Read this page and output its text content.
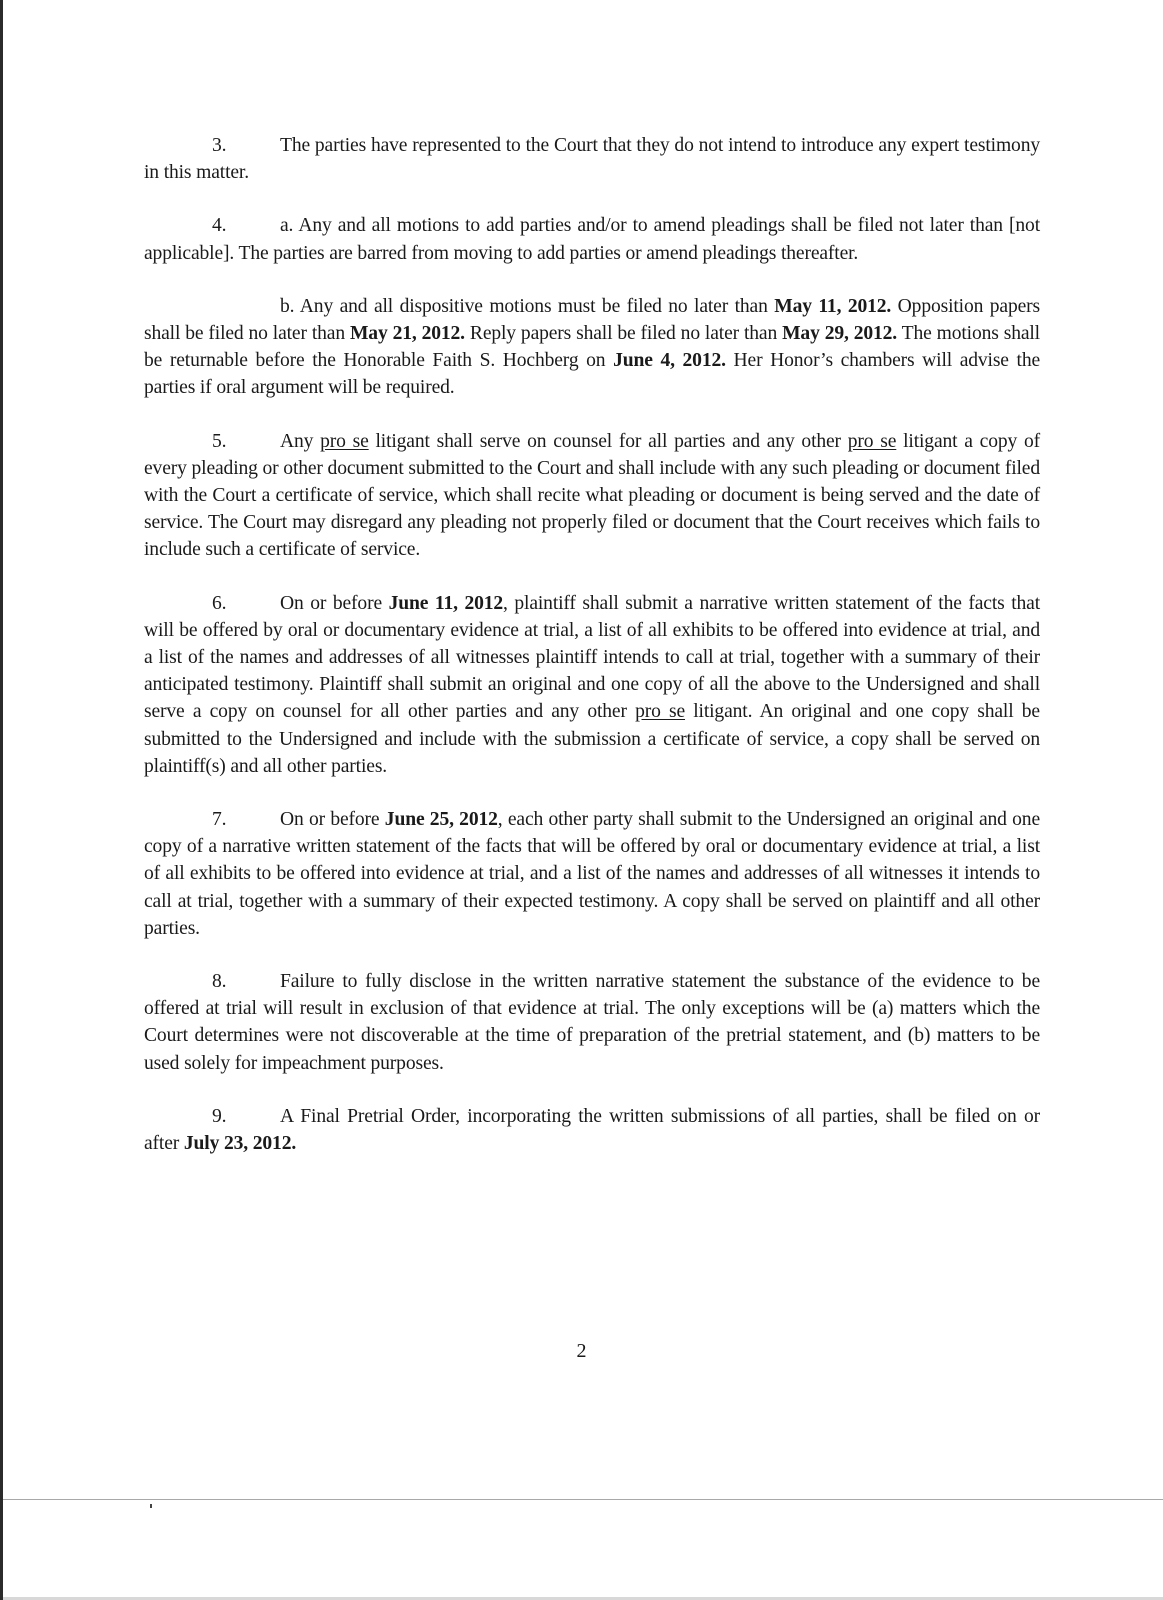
3.	The parties have represented to the Court that they do not intend to introduce any expert testimony in this matter.

4.	a. Any and all motions to add parties and/or to amend pleadings shall be filed not later than [not applicable]. The parties are barred from moving to add parties or amend pleadings thereafter.

b. Any and all dispositive motions must be filed no later than May 11, 2012. Opposition papers shall be filed no later than May 21, 2012. Reply papers shall be filed no later than May 29, 2012. The motions shall be returnable before the Honorable Faith S. Hochberg on June 4, 2012. Her Honor’s chambers will advise the parties if oral argument will be required.

5.	Any pro se litigant shall serve on counsel for all parties and any other pro se litigant a copy of every pleading or other document submitted to the Court and shall include with any such pleading or document filed with the Court a certificate of service, which shall recite what pleading or document is being served and the date of service. The Court may disregard any pleading not properly filed or document that the Court receives which fails to include such a certificate of service.

6.	On or before June 11, 2012, plaintiff shall submit a narrative written statement of the facts that will be offered by oral or documentary evidence at trial, a list of all exhibits to be offered into evidence at trial, and a list of the names and addresses of all witnesses plaintiff intends to call at trial, together with a summary of their anticipated testimony. Plaintiff shall submit an original and one copy of all the above to the Undersigned and shall serve a copy on counsel for all other parties and any other pro se litigant. An original and one copy shall be submitted to the Undersigned and include with the submission a certificate of service, a copy shall be served on plaintiff(s) and all other parties.

7.	On or before June 25, 2012, each other party shall submit to the Undersigned an original and one copy of a narrative written statement of the facts that will be offered by oral or documentary evidence at trial, a list of all exhibits to be offered into evidence at trial, and a list of the names and addresses of all witnesses it intends to call at trial, together with a summary of their expected testimony. A copy shall be served on plaintiff and all other parties.

8.	Failure to fully disclose in the written narrative statement the substance of the evidence to be offered at trial will result in exclusion of that evidence at trial. The only exceptions will be (a) matters which the Court determines were not discoverable at the time of preparation of the pretrial statement, and (b) matters to be used solely for impeachment purposes.

9.	A Final Pretrial Order, incorporating the written submissions of all parties, shall be filed on or after July 23, 2012.

2
